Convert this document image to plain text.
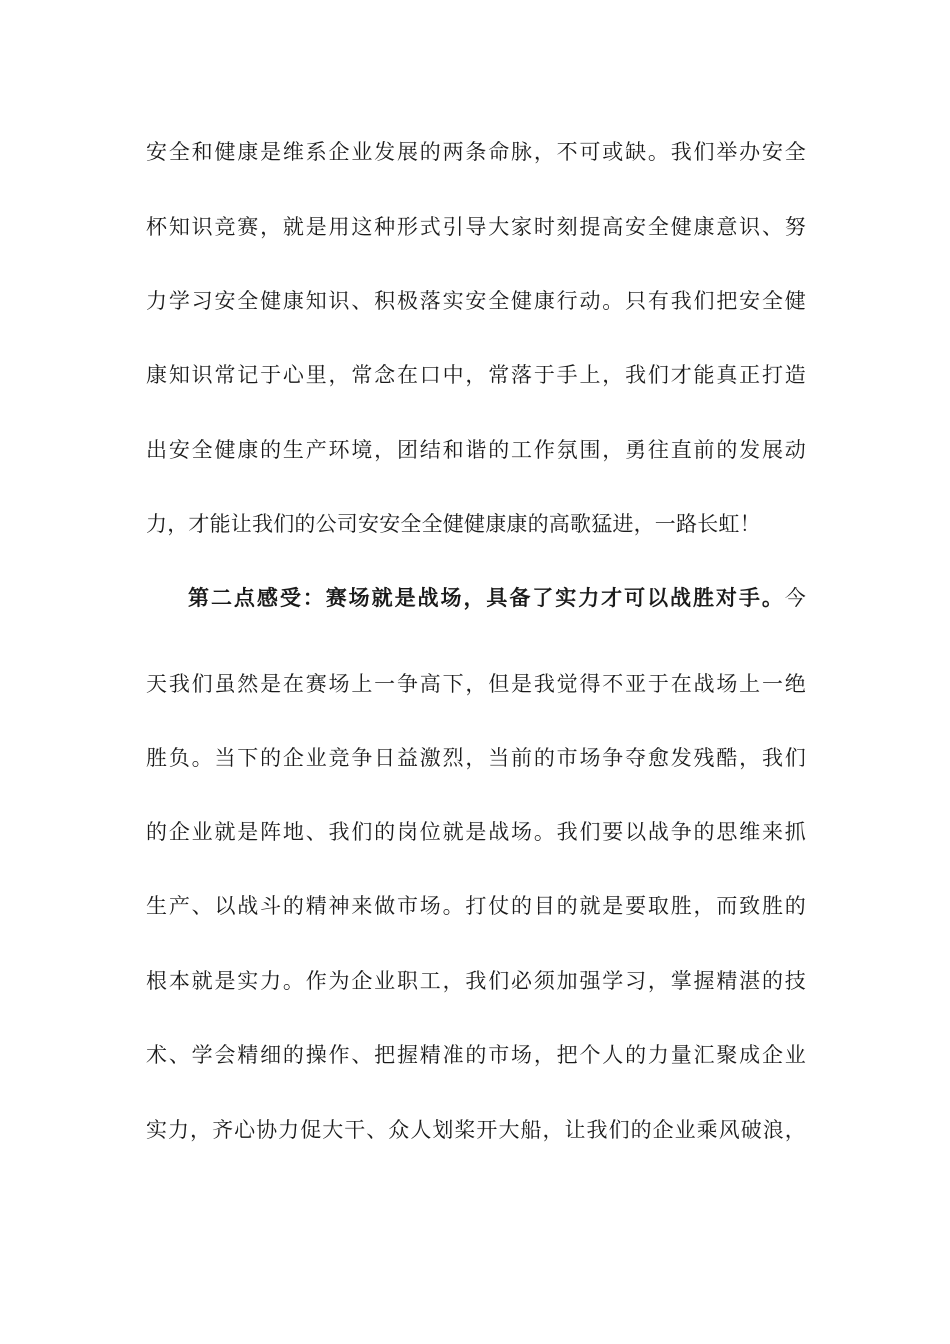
安全和健康是维系企业发展的两条命脉，不可或缺。我们举办安全
杯知识竞赛，就是用这种形式引导大家时刻提高安全健康意识、努
力学习安全健康知识、积极落实安全健康行动。只有我们把安全健
康知识常记于心里，常念在口中，常落于手上，我们才能真正打造
出安全健康的生产环境，团结和谐的工作氛围，勇往直前的发展动
力，才能让我们的公司安安全全健健康康的高歌猛进，一路长虹！
第二点感受：赛场就是战场，具备了实力才可以战胜对手。今
天我们虽然是在赛场上一争高下，但是我觉得不亚于在战场上一绝
胜负。当下的企业竞争日益激烈，当前的市场争夺愈发残酷，我们
的企业就是阵地、我们的岗位就是战场。我们要以战争的思维来抓
生产、以战斗的精神来做市场。打仗的目的就是要取胜，而致胜的
根本就是实力。作为企业职工，我们必须加强学习，掌握精湛的技
术、学会精细的操作、把握精准的市场，把个人的力量汇聚成企业
实力，齐心协力促大干、众人划桨开大船，让我们的企业乘风破浪，
